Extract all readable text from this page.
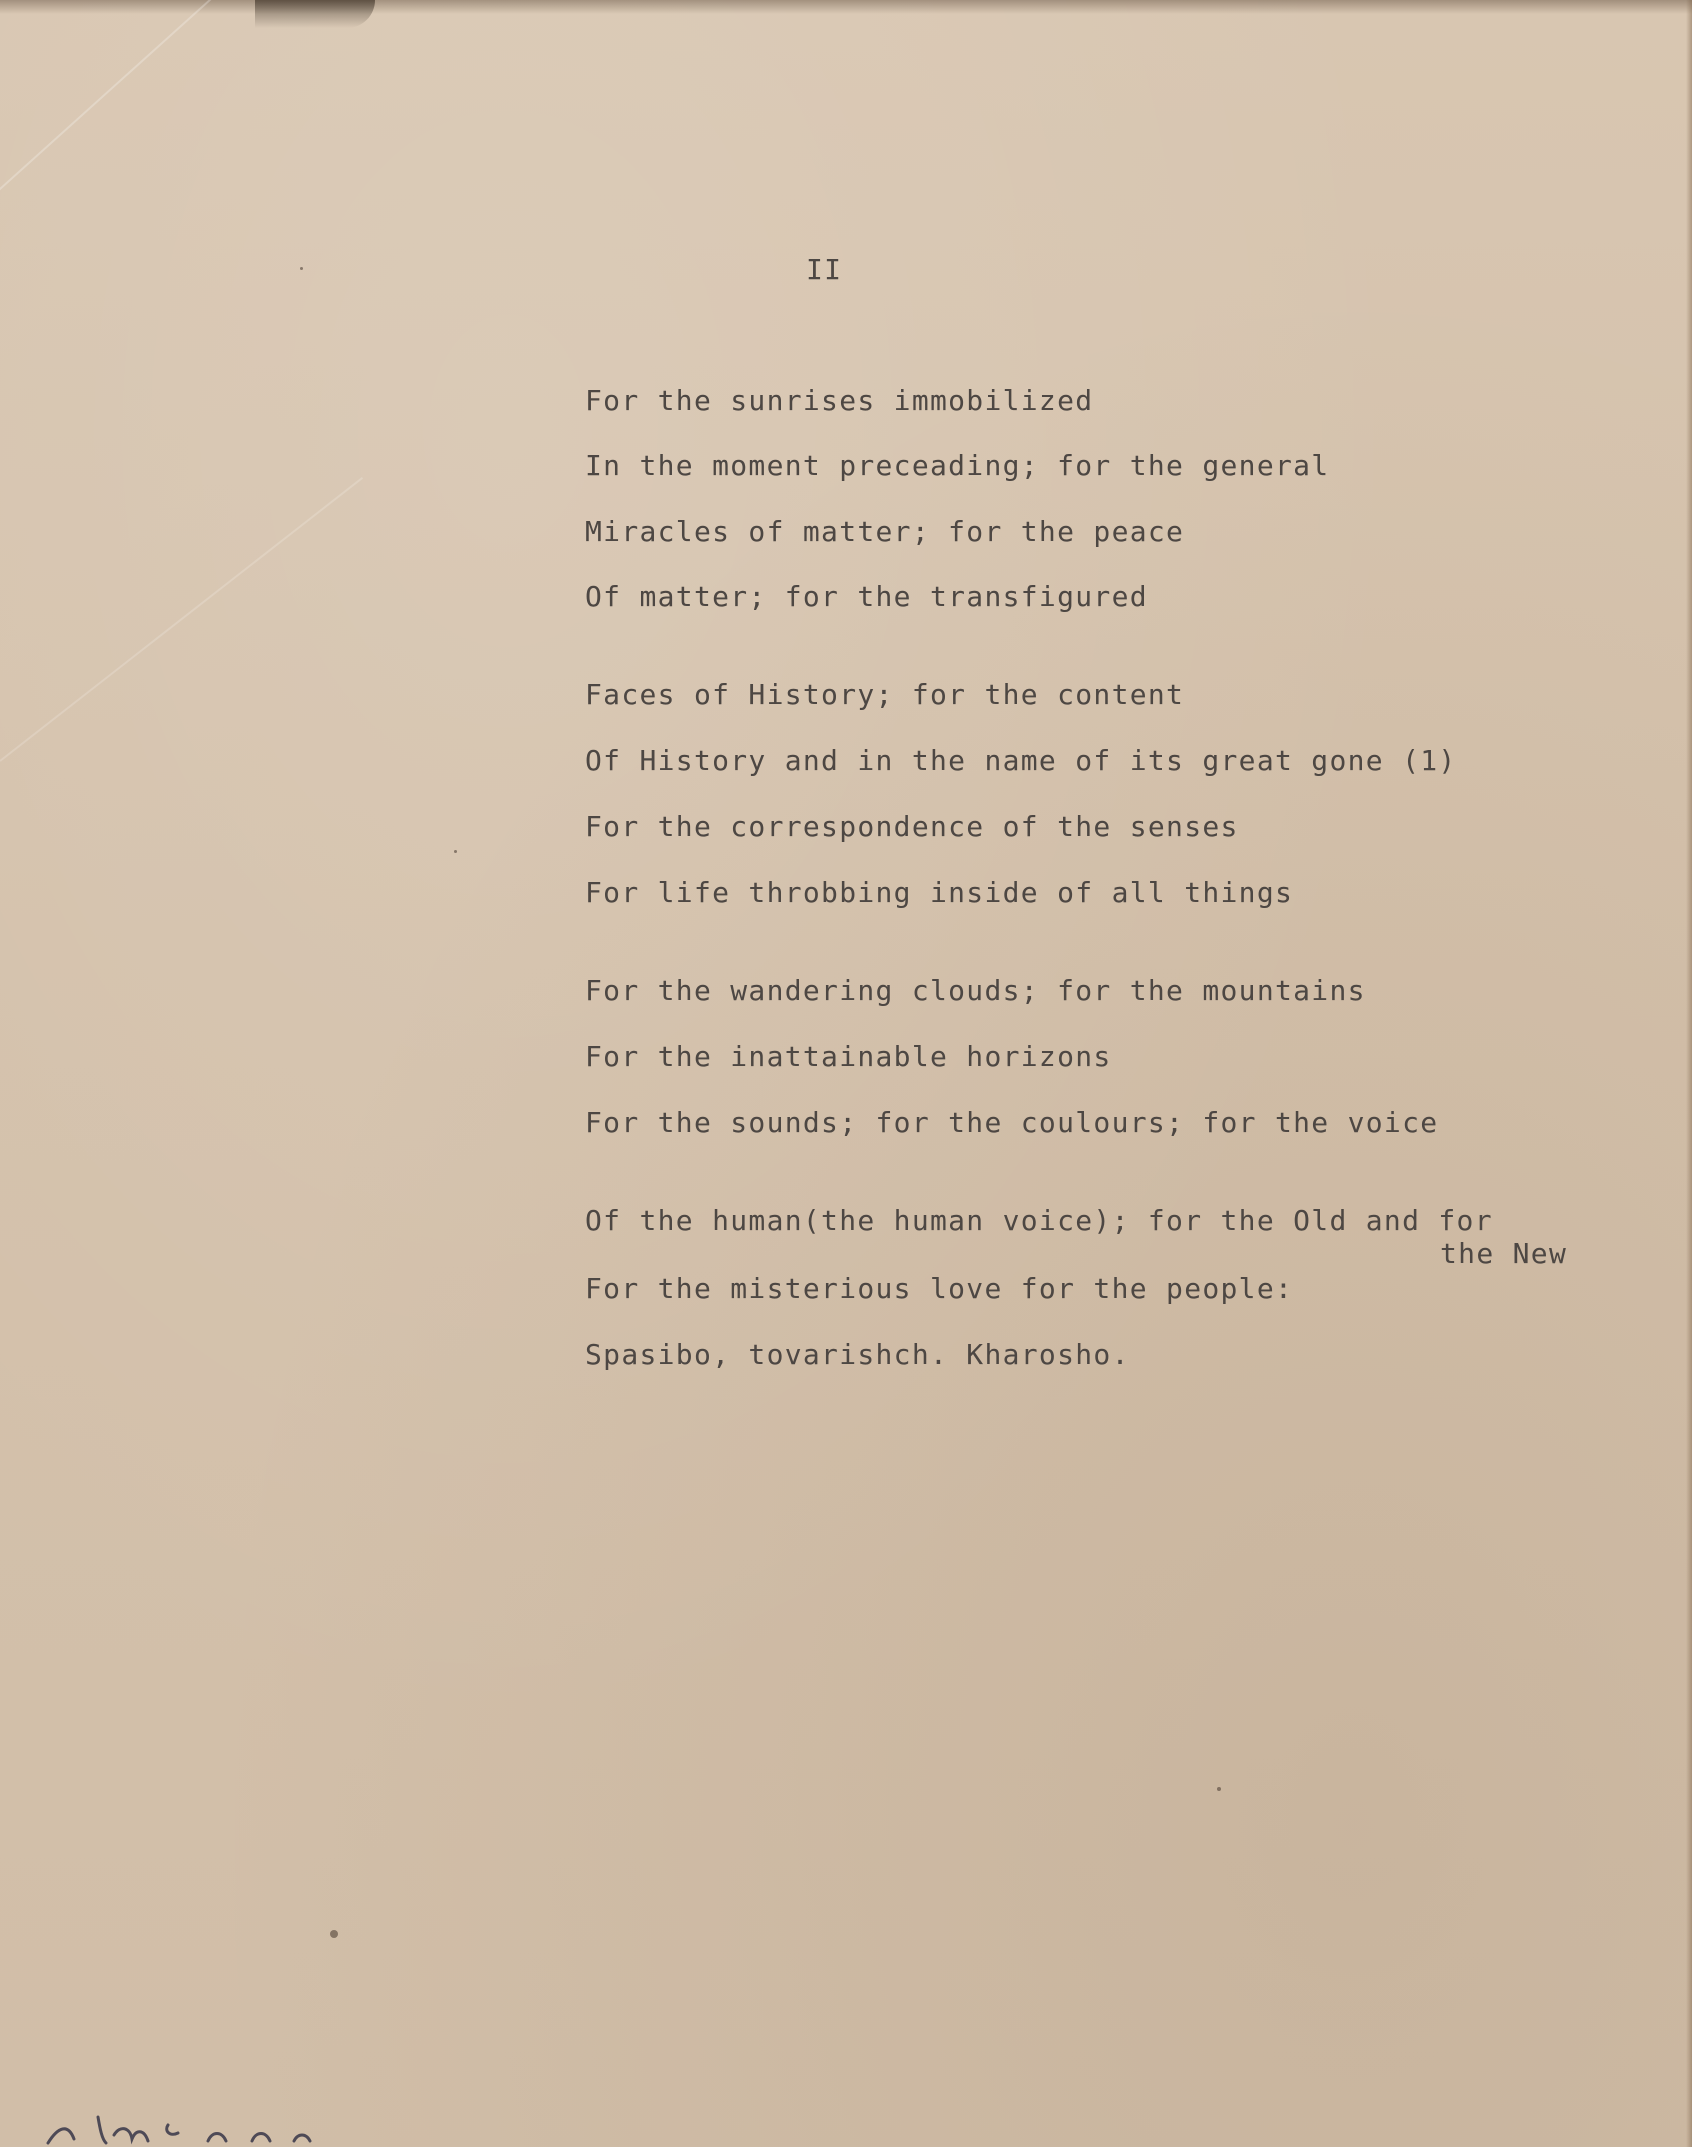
II
For the sunrises immobilized
In the moment preceading; for the general
Miracles of matter; for the peace
Of matter; for the transfigured
Faces of History; for the content
Of History and in the name of its great gone (1)
For the correspondence of the senses
For life throbbing inside of all things
For the wandering clouds; for the mountains
For the inattainable horizons
For the sounds; for the coulours; for the voice
Of the human(the human voice); for the Old and for
the New
For the misterious love for the people:
Spasibo, tovarishch. Kharosho.
